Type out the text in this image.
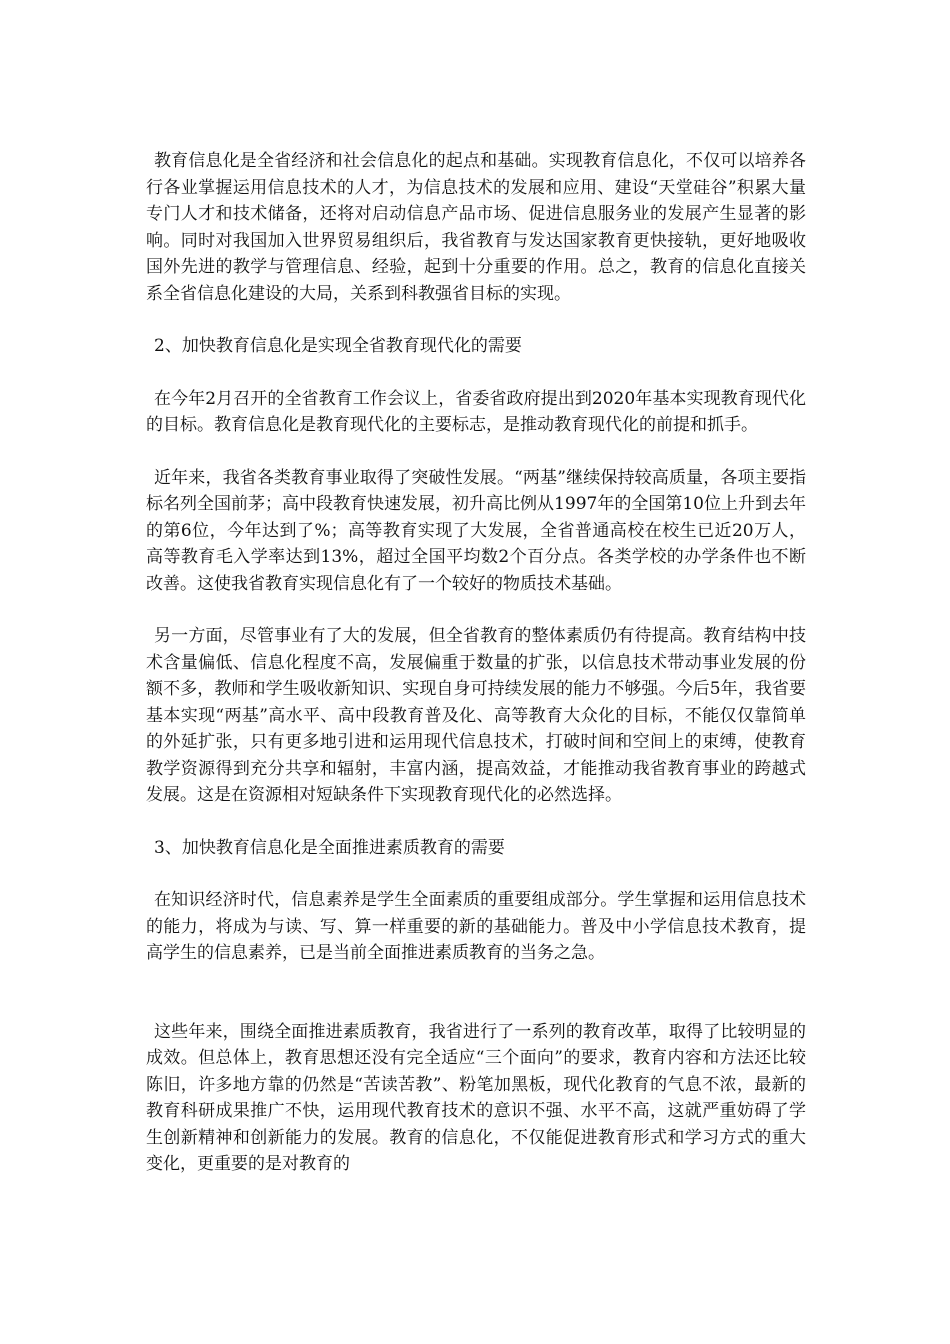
教育信息化是全省经济和社会信息化的起点和基础。实现教育信息化，不仅可以培养各行各业掌握运用信息技术的人才，为信息技术的发展和应用、建设“天堂硅谷”积累大量专门人才和技术储备，还将对启动信息产品市场、促进信息服务业的发展产生显著的影响。同时对我国加入世界贸易组织后，我省教育与发达国家教育更快接轨，更好地吸收国外先进的教学与管理信息、经验，起到十分重要的作用。总之，教育的信息化直接关系全省信息化建设的大局，关系到科教强省目标的实现。

2、加快教育信息化是实现全省教育现代化的需要

在今年2月召开的全省教育工作会议上，省委省政府提出到2020年基本实现教育现代化的目标。教育信息化是教育现代化的主要标志，是推动教育现代化的前提和抓手。

近年来，我省各类教育事业取得了突破性发展。“两基”继续保持较高质量，各项主要指标名列全国前茅；高中段教育快速发展，初升高比例从1997年的全国第10位上升到去年的第6位，今年达到了%；高等教育实现了大发展，全省普通高校在校生已近20万人，高等教育毛入学率达到13%，超过全国平均数2个百分点。各类学校的办学条件也不断改善。这使我省教育实现信息化有了一个较好的物质技术基础。

另一方面，尽管事业有了大的发展，但全省教育的整体素质仍有待提高。教育结构中技术含量偏低、信息化程度不高，发展偏重于数量的扩张，以信息技术带动事业发展的份额不多，教师和学生吸收新知识、实现自身可持续发展的能力不够强。今后5年，我省要基本实现“两基”高水平、高中段教育普及化、高等教育大众化的目标，不能仅仅靠简单的外延扩张，只有更多地引进和运用现代信息技术，打破时间和空间上的束缚，使教育教学资源得到充分共享和辐射，丰富内涵，提高效益，才能推动我省教育事业的跨越式发展。这是在资源相对短缺条件下实现教育现代化的必然选择。

3、加快教育信息化是全面推进素质教育的需要

在知识经济时代，信息素养是学生全面素质的重要组成部分。学生掌握和运用信息技术的能力，将成为与读、写、算一样重要的新的基础能力。普及中小学信息技术教育，提高学生的信息素养，已是当前全面推进素质教育的当务之急。

这些年来，围绕全面推进素质教育，我省进行了一系列的教育改革，取得了比较明显的成效。但总体上，教育思想还没有完全适应“三个面向”的要求，教育内容和方法还比较陈旧，许多地方靠的仍然是“苦读苦教”、粉笔加黑板，现代化教育的气息不浓，最新的教育科研成果推广不快，运用现代教育技术的意识不强、水平不高，这就严重妨碍了学生创新精神和创新能力的发展。教育的信息化，不仅能促进教育形式和学习方式的重大变化，更重要的是对教育的
